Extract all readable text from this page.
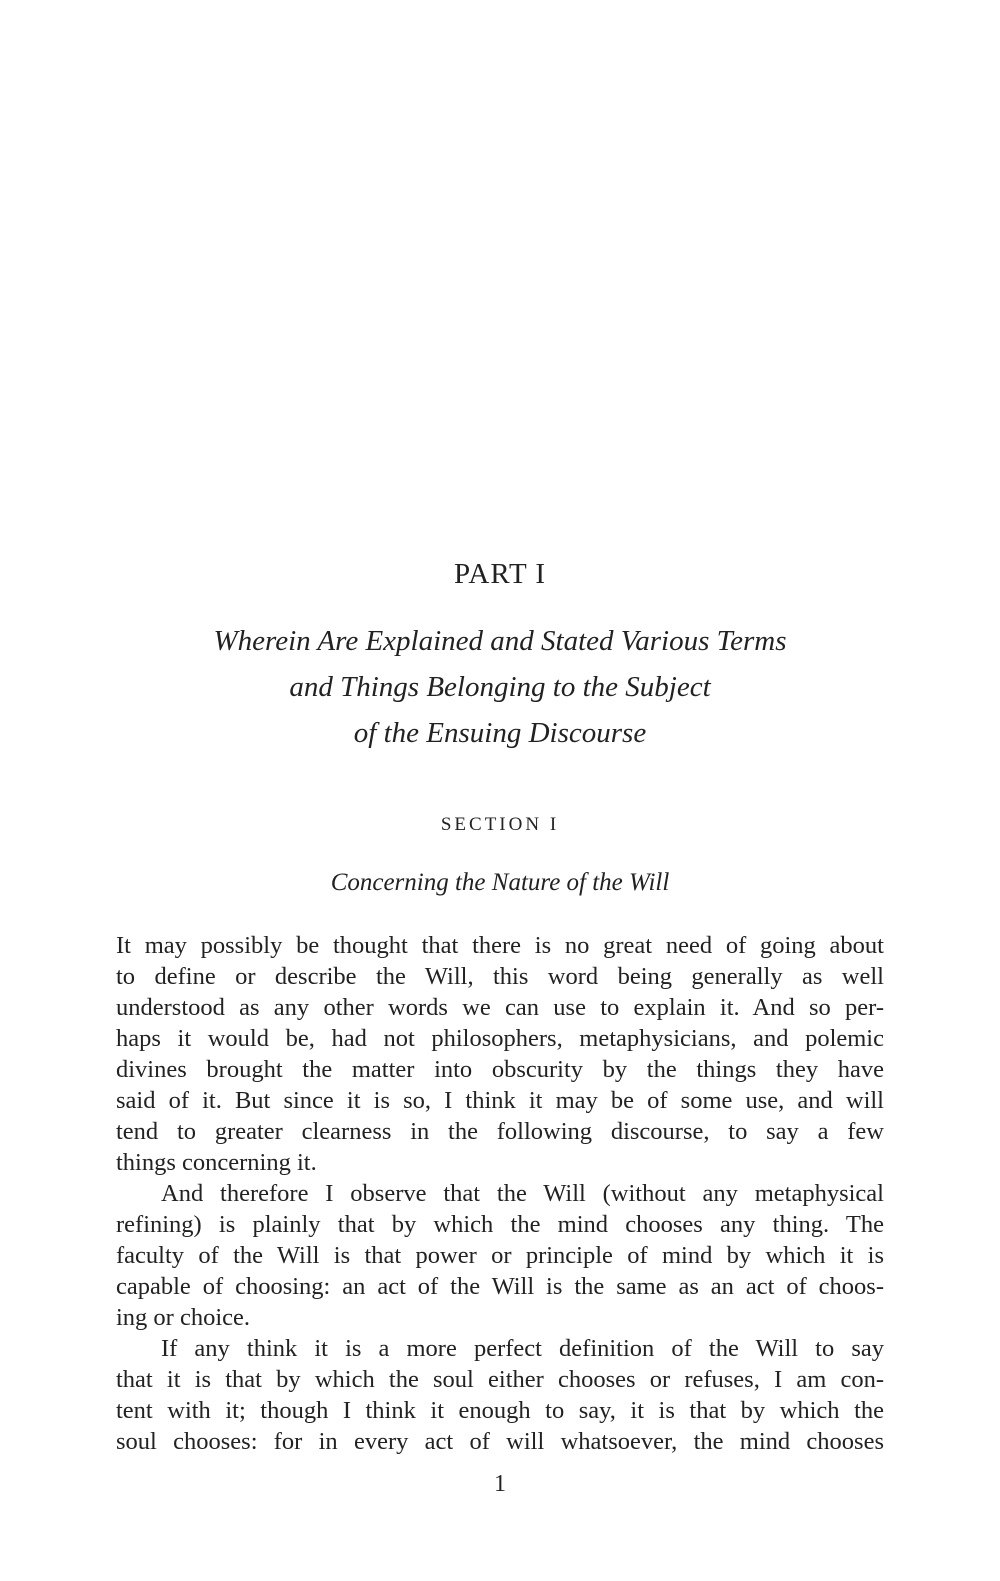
PART I
Wherein Are Explained and Stated Various Terms
and Things Belonging to the Subject
of the Ensuing Discourse
SECTION I
Concerning the Nature of the Will
It may possibly be thought that there is no great need of going about
to define or describe the Will, this word being generally as well
understood as any other words we can use to explain it. And so per-
haps it would be, had not philosophers, metaphysicians, and polemic
divines brought the matter into obscurity by the things they have
said of it. But since it is so, I think it may be of some use, and will
tend to greater clearness in the following discourse, to say a few
things concerning it.
And therefore I observe that the Will (without any metaphysical
refining) is plainly that by which the mind chooses any thing. The
faculty of the Will is that power or principle of mind by which it is
capable of choosing: an act of the Will is the same as an act of choos-
ing or choice.
If any think it is a more perfect definition of the Will to say
that it is that by which the soul either chooses or refuses, I am con-
tent with it; though I think it enough to say, it is that by which the
soul chooses: for in every act of will whatsoever, the mind chooses
1
